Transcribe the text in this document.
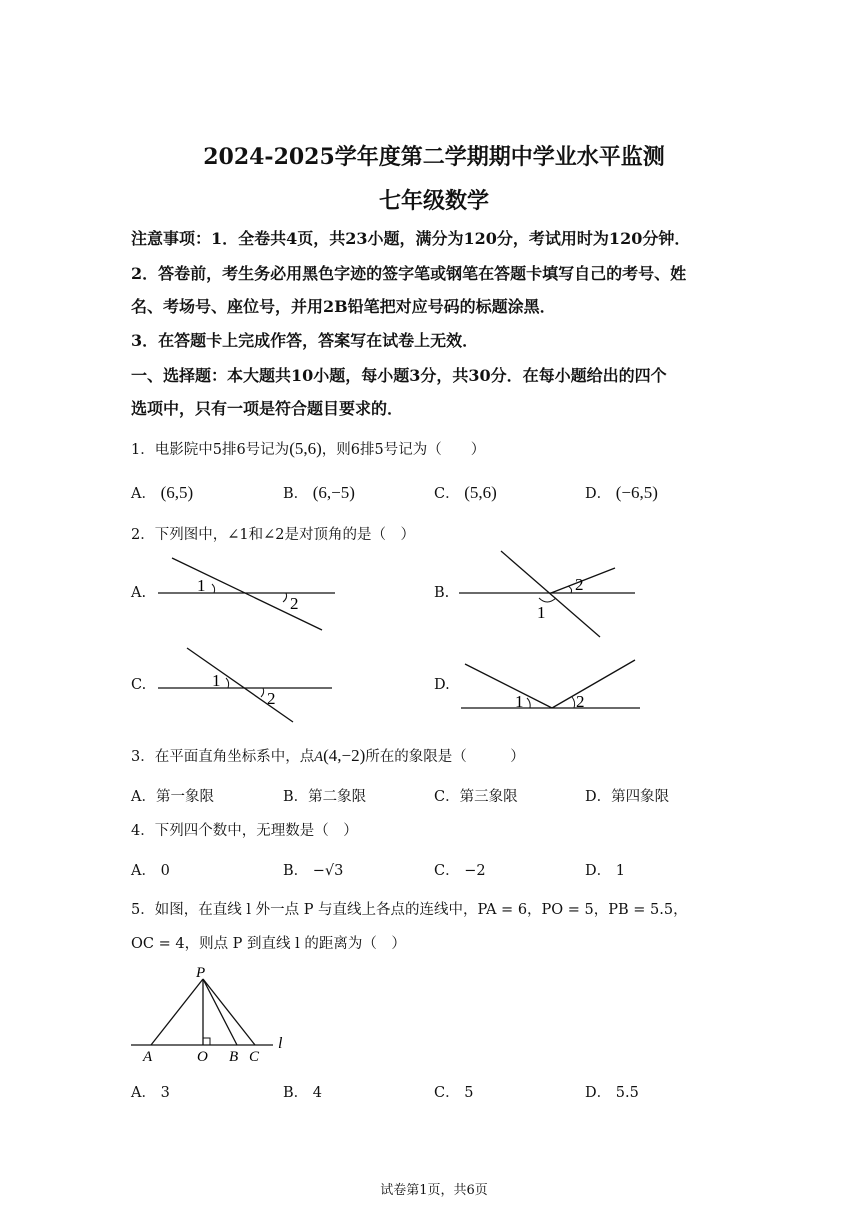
2024-2025学年度第二学期期中学业水平监测
七年级数学
注意事项：1．全卷共4页，共23小题，满分为120分，考试用时为120分钟．
2．答卷前，考生务必用黑色字迹的签字笔或钢笔在答题卡填写自己的考号、姓
名、考场号、座位号，并用2B铅笔把对应号码的标题涂黑．
3．在答题卡上完成作答，答案写在试卷上无效．
一、选择题：本大题共10小题，每小题3分，共30分．在每小题给出的四个
选项中，只有一项是符合题目要求的．
1．电影院中5排6号记为(5,6)，则6排5号记为（　　）
A． (6,5)	B． (6,−5)	C． (5,6)	D． (−6,5)
2．下列图中，∠1和∠2是对顶角的是（　）
A.	1
2
B.
1
2
C.	1
2
D.
1	2
3．在平面直角坐标系中，点A(4,−2)所在的象限是（　　　）
A．第一象限	B．第二象限	C．第三象限	D．第四象限
4．下列四个数中，无理数是（　）
A． 0	B． −√3	C． −2	D． 1
5．如图，在直线 l 外一点 P 与直线上各点的连线中，PA = 6，PO = 5，PB = 5.5，
OC = 4，则点 P 到直线 l 的距离为（　）
P
A	O B C
l
A． 3	B． 4	C． 5	D． 5.5
试卷第1页，共6页
